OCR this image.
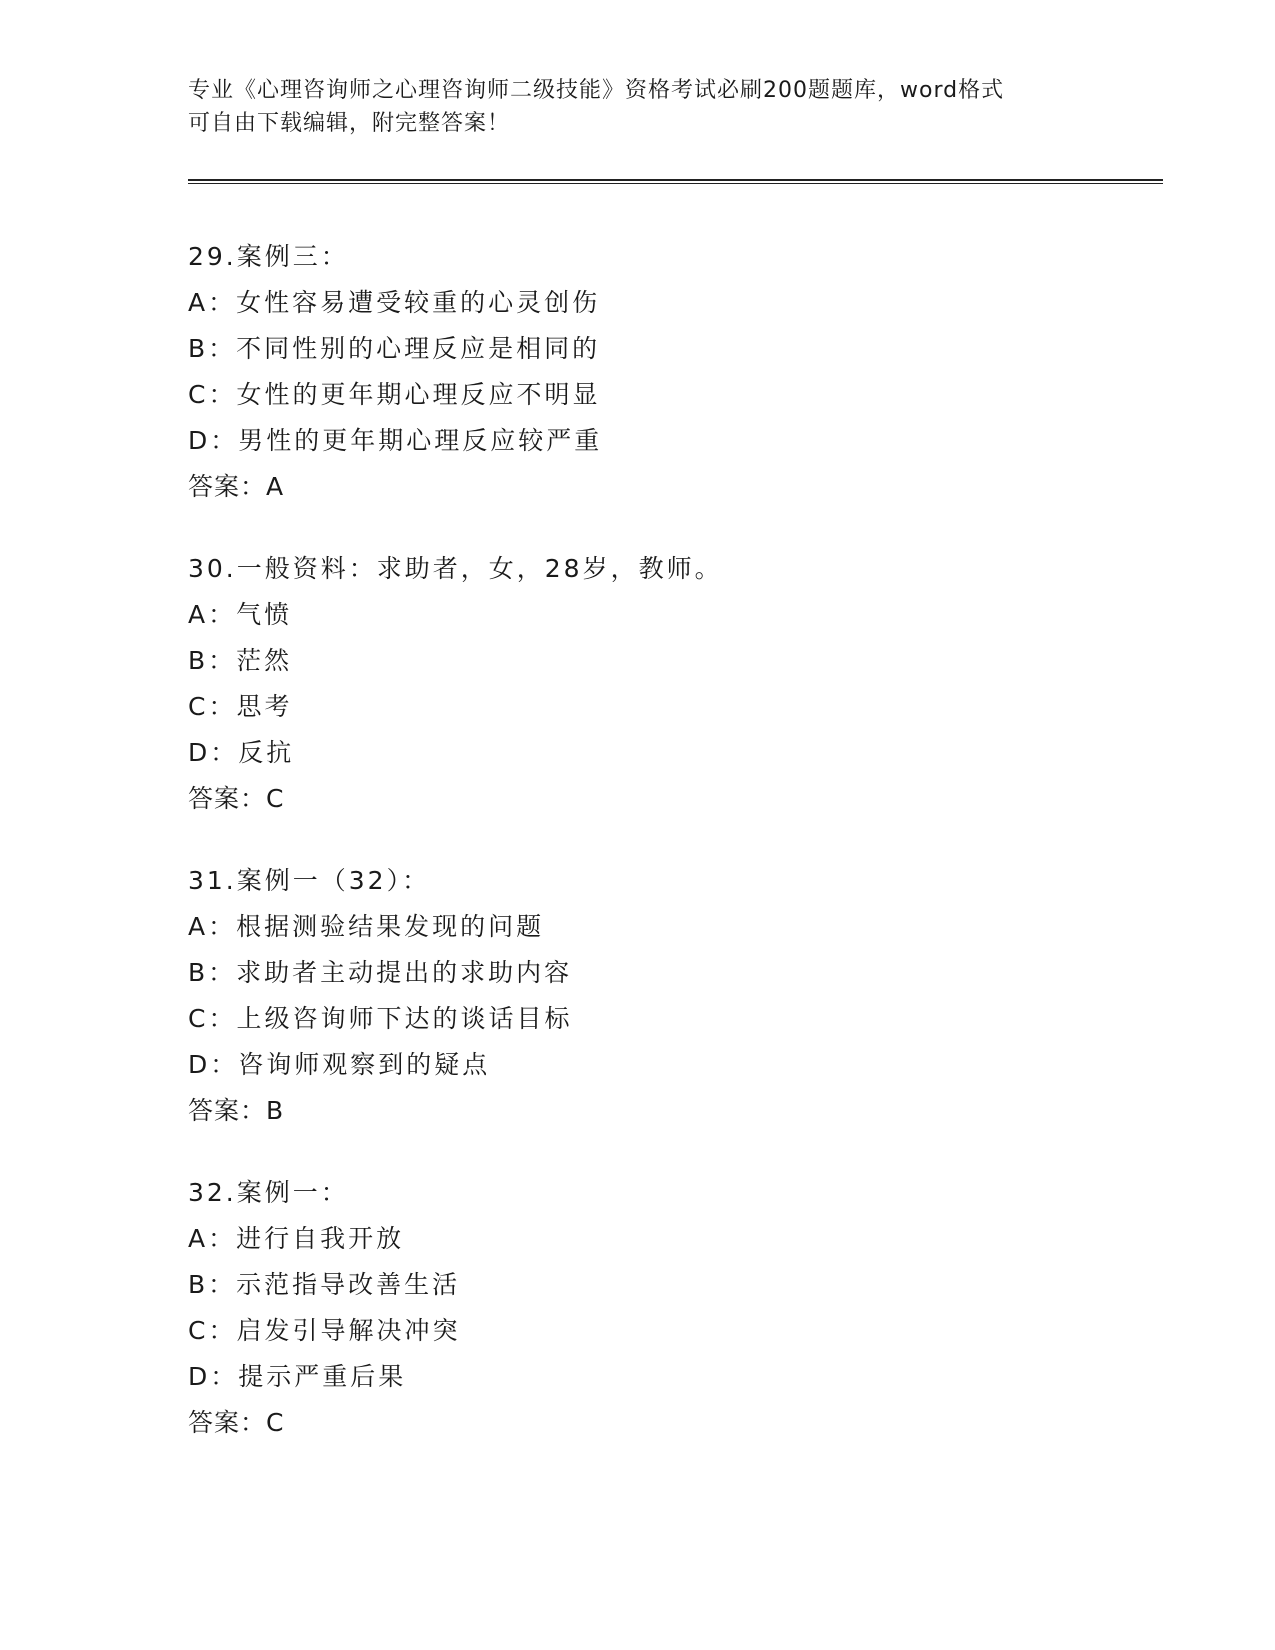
专业《心理咨询师之心理咨询师二级技能》资格考试必刷200题题库，word格式
可自由下载编辑，附完整答案！
29.案例三：
A：女性容易遭受较重的心灵创伤
B：不同性别的心理反应是相同的
C：女性的更年期心理反应不明显
D：男性的更年期心理反应较严重
答案：A
30.一般资料：求助者，女，28岁，教师。
A：气愤
B：茫然
C：思考
D：反抗
答案：C
31.案例一（32）：
A：根据测验结果发现的问题
B：求助者主动提出的求助内容
C：上级咨询师下达的谈话目标
D：咨询师观察到的疑点
答案：B
32.案例一：
A：进行自我开放
B：示范指导改善生活
C：启发引导解决冲突
D：提示严重后果
答案：C
